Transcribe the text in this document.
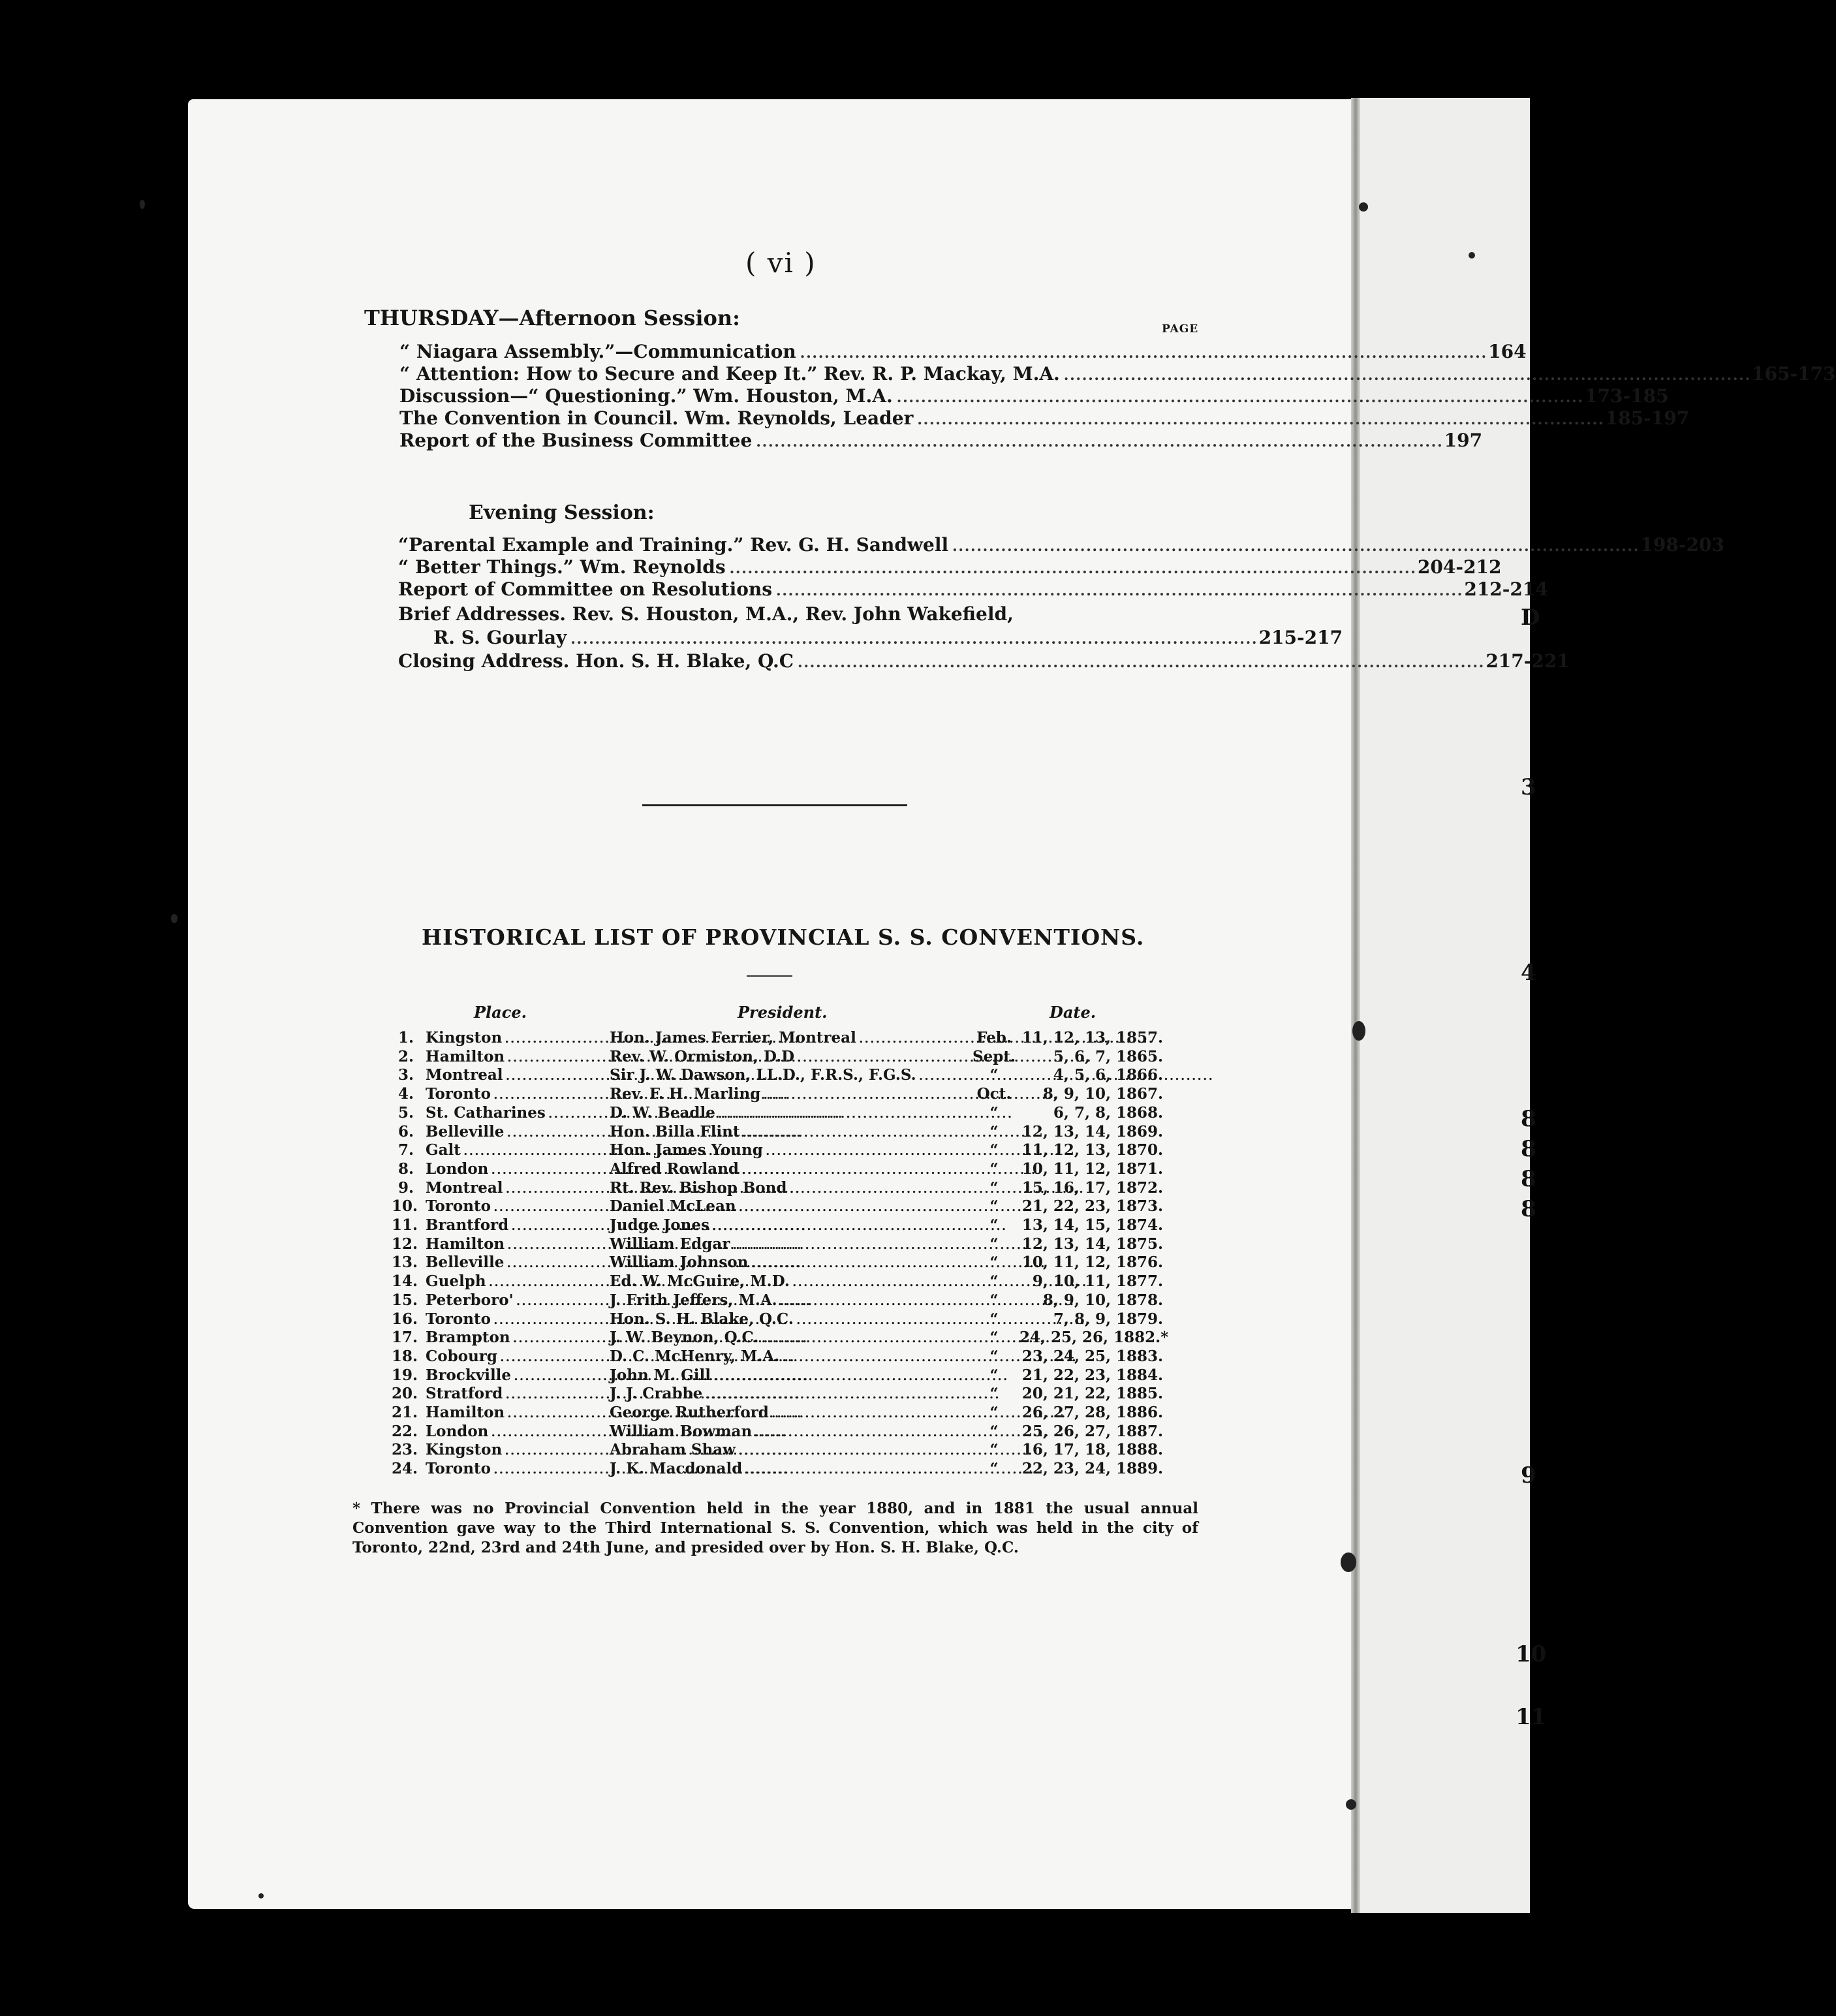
D
3
4
8
8
8
8
9
10
11
( vi )
THURSDAY—Afternoon Session:	PAGE
“ Niagara Assembly.”—Communication . . .	164
“ Attention: How to Secure and Keep It.” Rev. R. P. Mackay, M.A. . . .	165-173
Discussion—“ Questioning.” Wm. Houston, M.A. . . .	173-185
The Convention in Council. Wm. Reynolds, Leader . . .	185-197
Report of the Business Committee . . .	197
Evening Session:
“Parental Example and Training.” Rev. G. H. Sandwell . . .	198-203
“ Better Things.” Wm. Reynolds . . .	204-212
Report of Committee on Resolutions . . .	212-214
Brief Addresses. Rev. S. Houston, M.A., Rev. John Wakefield,
R. S. Gourlay . . .	215-217
Closing Address. Hon. S. H. Blake, Q.C . . .	217-221
HISTORICAL LIST OF PROVINCIAL S. S. CONVENTIONS.
Place.	President.	Date.
1. Kingston . . .	Hon. James Ferrier, Montreal . . .	Feb. 11, 12, 13, 1857.
2. Hamilton . . .	Rev. W. Ormiston, D.D . . .	Sept.	5, 6, 7, 1865.
3. Montreal . . .	Sir J. W. Dawson, LL.D., F.R.S., F.G.S. . . .	“	4, 5, 6, 1866.
4. Toronto . . .	Rev. F. H. Marling . . .	Oct.	8, 9, 10, 1867.
5. St. Catharines . . .	D. W. Beadle . . .	“	6, 7, 8, 1868.
6. Belleville . . .	Hon. Billa Flint . . .	“	12, 13, 14, 1869.
7. Galt . . .	Hon. James Young . . .	“	11, 12, 13, 1870.
8. London . . .	Alfred Rowland . . .	“	10, 11, 12, 1871.
9. Montreal . . .	Rt. Rev. Bishop Bond . . .	“	15, 16, 17, 1872.
10. Toronto . . .	Daniel McLean . . .	“	21, 22, 23, 1873.
11. Brantford . . .	Judge Jones . . .	“	13, 14, 15, 1874.
12. Hamilton . . .	William Edgar . . .	“	12, 13, 14, 1875.
13. Belleville . . .	William Johnson . . .	“	10, 11, 12, 1876.
14. Guelph . . .	Ed. W. McGuire, M.D. . . .	“	9, 10, 11, 1877.
15. Peterboro' . . .	J. Frith Jeffers, M.A. . . .	“	8, 9, 10, 1878.
16. Toronto . . .	Hon. S. H. Blake, Q.C. . . .	“	7, 8, 9, 1879.
17. Brampton . . .	J. W. Beynon, Q.C. . . .	“	24, 25, 26, 1882.*
18. Cobourg . . .	D. C. McHenry, M.A. . . .	“	23, 24, 25, 1883.
19. Brockville . . .	John M. Gill . . .	“	21, 22, 23, 1884.
20. Stratford . . .	J. J. Crabbe . . .	“	20, 21, 22, 1885.
21. Hamilton . . .	George Rutherford . . .	“	26, 27, 28, 1886.
22. London . . .	William Bowman . . .	“	25, 26, 27, 1887.
23. Kingston . . .	Abraham Shaw . . .	“	16, 17, 18, 1888.
24. Toronto . . .	J. K. Macdonald . . .	“	22, 23, 24, 1889.
* There was no Provincial Convention held in the year 1880, and in 1881 the usual annual Convention gave way to the Third International S. S. Convention, which was held in the city of Toronto, 22nd, 23rd and 24th June, and presided over by Hon. S. H. Blake, Q.C.
